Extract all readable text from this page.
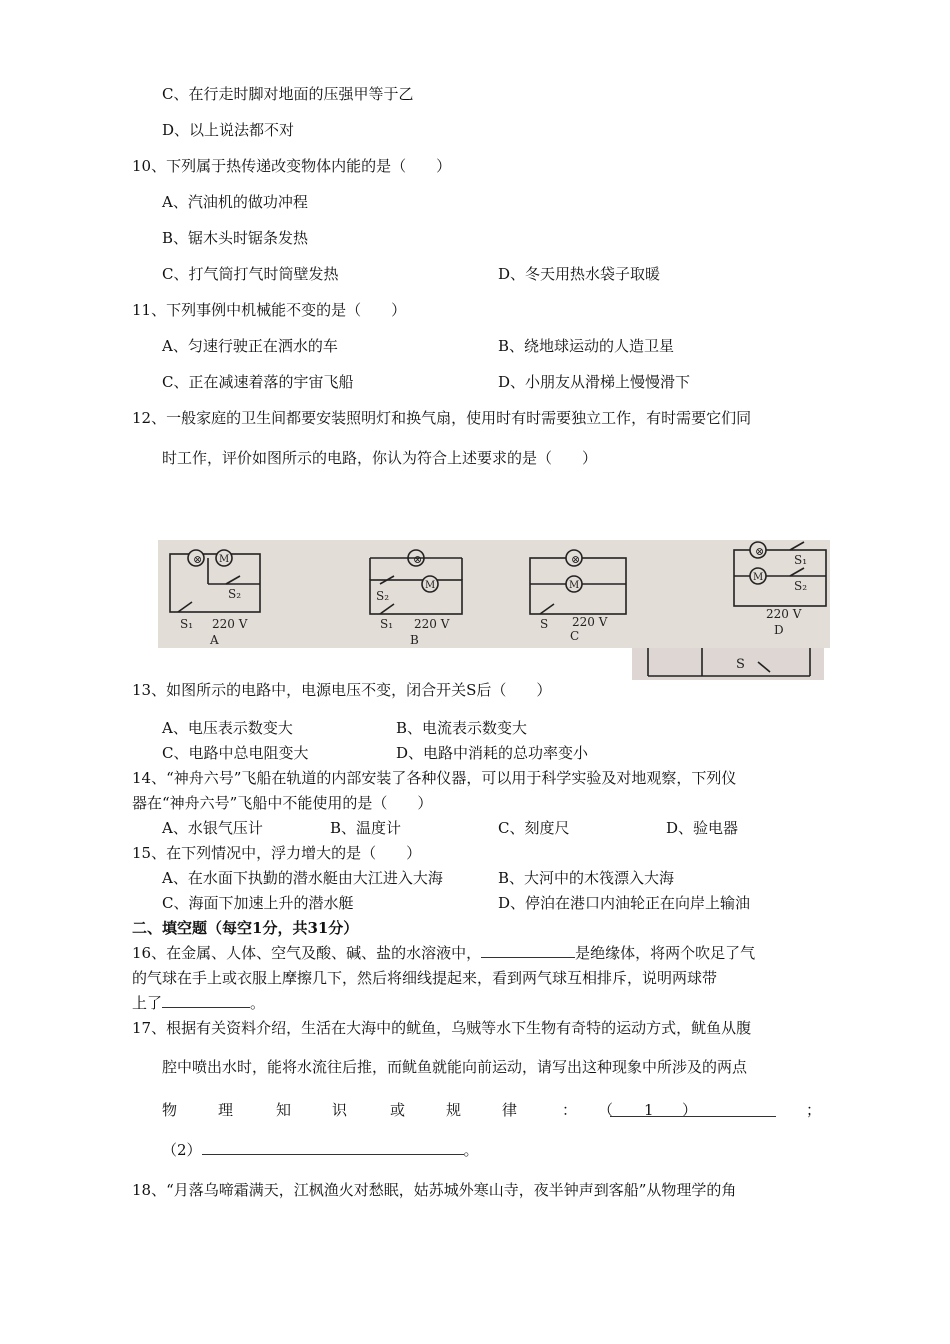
C、在行走时脚对地面的压强甲等于乙
D、以上说法都不对
10、下列属于热传递改变物体内能的是（　　）
A、汽油机的做功冲程
B、锯木头时锯条发热
C、打气筒打气时筒壁发热	D、冬天用热水袋子取暖
11、下列事例中机械能不变的是（　　）
A、匀速行驶正在洒水的车	B、绕地球运动的人造卫星
C、正在减速着落的宇宙飞船	D、小朋友从滑梯上慢慢滑下
12、一般家庭的卫生间都要安装照明灯和换气扇，使用时有时需要独立工作，有时需要它们同
时工作，评价如图所示的电路，你认为符合上述要求的是（　　）
⊗ M
S₂
S₁ 220 V
A
⊗
M
S₂
S₁ 220 V
B
⊗
M
S 220 V
C
⊗
M
S₁
S₂
220 V
D
S
13、如图所示的电路中，电源电压不变，闭合开关S后（　　）
A、电压表示数变大	B、电流表示数变大
C、电路中总电阻变大	D、电路中消耗的总功率变小
14、“神舟六号”飞船在轨道的内部安装了各种仪器，可以用于科学实验及对地观察，下列仪
器在“神舟六号”飞船中不能使用的是（　　）
A、水银气压计	B、温度计	C、刻度尺	D、验电器
15、在下列情况中，浮力增大的是（　　）
A、在水面下执勤的潜水艇由大江进入大海	B、大河中的木筏漂入大海
C、海面下加速上升的潜水艇	D、停泊在港口内油轮正在向岸上输油
二、填空题（每空1分，共31分）
16、在金属、人体、空气及酸、碱、盐的水溶液中，	是绝缘体，将两个吹足了气
的气球在手上或衣服上摩擦几下，然后将细线提起来，看到两气球互相排斥，说明两球带
上了	。
17、根据有关资料介绍，生活在大海中的鱿鱼，乌贼等水下生物有奇特的运动方式，鱿鱼从腹
腔中喷出水时，能将水流往后推，而鱿鱼就能向前运动，请写出这种现象中所涉及的两点
物	理	知	识	或	规	律	： （ 1 ）	；
（2）	。
18、“月落乌啼霜满天，江枫渔火对愁眠，姑苏城外寒山寺，夜半钟声到客船”从物理学的角
